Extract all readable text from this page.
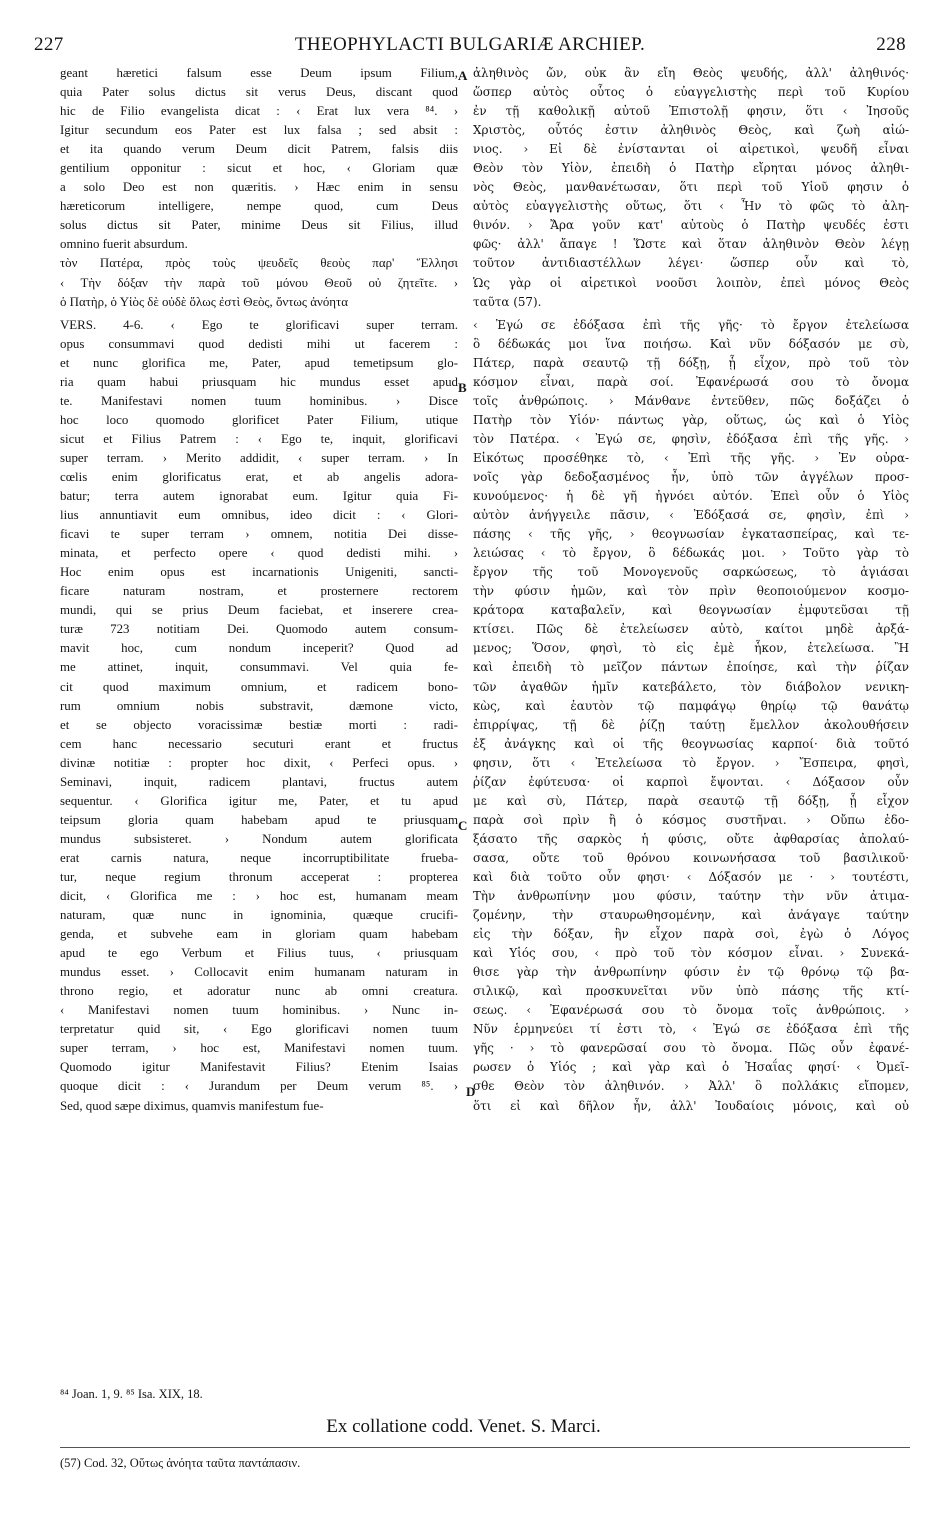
227	THEOPHYLACTI BULGARIÆ ARCHIEP.	228
A
B
C
D

geant hæretici falsum esse Deum ipsum Filium,

quia Pater solus dictus sit verus Deus, discant quod

hic de Filio evangelista dicat : ‹ Erat lux vera ⁸⁴. ›

Igitur secundum eos Pater est lux falsa ; sed absit :

et ita quando verum Deum dicit Patrem, falsis diis

gentilium opponitur : sicut et hoc, ‹ Gloriam quæ

a solo Deo est non quæritis. › Hæc enim in sensu

hæreticorum intelligere, nempe quod, cum Deus

solus dictus sit Pater, minime Deus sit Filius, illud

omnino fuerit absurdum.

τὸν Πατέρα, πρὸς τοὺς ψευδεῖς θεοὺς παρ' Ἕλλησι

‹ Τὴν δόξαν τὴν παρὰ τοῦ μόνου Θεοῦ οὐ ζητεῖτε. ›

ὁ Πατὴρ, ὁ Υἱὸς δὲ οὐδὲ ὅλως ἐστὶ Θεὸς, ὄντως ἀνόητα

VERS. 4-6. ‹ Ego te glorificavi super terram.

opus consummavi quod dedisti mihi ut facerem :

et nunc glorifica me, Pater, apud temetipsum glo-

ria quam habui priusquam hic mundus esset apud

te. Manifestavi nomen tuum hominibus. › Disce

hoc loco quomodo glorificet Pater Filium, utique

sicut et Filius Patrem : ‹ Ego te, inquit, glorificavi

super terram. › Merito addidit, ‹ super terram. › In

cœlis enim glorificatus erat, et ab angelis adora-

batur; terra autem ignorabat eum. Igitur quia Fi-

lius annuntiavit eum omnibus, ideo dicit : ‹ Glori-

ficavi te super terram › omnem, notitia Dei disse-

minata, et perfecto opere ‹ quod dedisti mihi. ›

Hoc enim opus est incarnationis Unigeniti, sancti-

ficare naturam nostram, et prosternere rectorem

mundi, qui se prius Deum faciebat, et inserere crea-

turæ 723 notitiam Dei. Quomodo autem consum-

mavit hoc, cum nondum inceperit? Quod ad

me attinet, inquit, consummavi. Vel quia fe-

cit quod maximum omnium, et radicem bono-

rum omnium nobis substravit, dæmone victo,

et se objecto voracissimæ bestiæ morti : radi-

cem hanc necessario secuturi erant et fructus

divinæ notitiæ : propter hoc dixit, ‹ Perfeci opus. ›

Seminavi, inquit, radicem plantavi, fructus autem

sequentur. ‹ Glorifica igitur me, Pater, et tu apud

teipsum gloria quam habebam apud te priusquam

mundus subsisteret. › Nondum autem glorificata

erat carnis natura, neque incorruptibilitate frueba-

tur, neque regium thronum acceperat : propterea

dicit, ‹ Glorifica me : › hoc est, humanam meam

naturam, quæ nunc in ignominia, quæque crucifi-

genda, et subvehe eam in gloriam quam habebam

apud te ego Verbum et Filius tuus, ‹ priusquam

mundus esset. › Collocavit enim humanam naturam in

throno regio, et adoratur nunc ab omni creatura.

‹ Manifestavi nomen tuum hominibus. › Nunc in-

terpretatur quid sit, ‹ Ego glorificavi nomen tuum

super terram, › hoc est, Manifestavi nomen tuum.

Quomodo igitur Manifestavit Filius? Etenim Isaias

quoque dicit : ‹ Jurandum per Deum verum ⁸⁵. ›

Sed, quod sæpe diximus, quamvis manifestum fue-

ἀληθινὸς ὤν, οὐκ ἂν εἴη Θεὸς ψευδής, ἀλλ' ἀληθινός·

ὥσπερ αὐτὸς οὗτος ὁ εὐαγγελιστὴς περὶ τοῦ Κυρίου

ἐν τῇ καθολικῇ αὐτοῦ Ἐπιστολῇ φησιν, ὅτι ‹ Ἰησοῦς

Χριστὸς, οὗτός ἐστιν ἀληθινὸς Θεὸς, καὶ ζωὴ αἰώ-

νιος. › Εἰ δὲ ἐνίστανται οἱ αἱρετικοὶ, ψευδῆ εἶναι

Θεὸν τὸν Υἱὸν, ἐπειδὴ ὁ Πατὴρ εἴρηται μόνος ἀληθι-

νὸς Θεὸς, μανθανέτωσαν, ὅτι περὶ τοῦ Υἱοῦ φησιν ὁ

αὐτὸς εὐαγγελιστὴς οὕτως, ὅτι ‹ Ἦν τὸ φῶς τὸ ἀλη-

θινόν. › Ἄρα γοῦν κατ' αὐτοὺς ὁ Πατὴρ ψευδές ἐστι

φῶς· ἀλλ' ἄπαγε ! Ὥστε καὶ ὅταν ἀληθινὸν Θεὸν λέγῃ

τοῦτον ἀντιδιαστέλλων λέγει· ὥσπερ οὖν καὶ τὸ,

Ὡς γὰρ οἱ αἱρετικοὶ νοοῦσι λοιπὸν, ἐπεὶ μόνος Θεὸς

ταῦτα (57).

‹ Ἐγώ σε ἐδόξασα ἐπὶ τῆς γῆς· τὸ ἔργον ἐτελείωσα

ὃ δέδωκάς μοι ἵνα ποιήσω. Καὶ νῦν δόξασόν με σὺ,

Πάτερ, παρὰ σεαυτῷ τῇ δόξῃ, ᾗ εἶχον, πρὸ τοῦ τὸν

κόσμον εἶναι, παρὰ σοί. Ἐφανέρωσά σου τὸ ὄνομα

τοῖς ἀνθρώποις. › Μάνθανε ἐντεῦθεν, πῶς δοξάζει ὁ

Πατὴρ τὸν Υἱόν· πάντως γὰρ, οὕτως, ὡς καὶ ὁ Υἱὸς

τὸν Πατέρα. ‹ Ἐγώ σε, φησὶν, ἐδόξασα ἐπὶ τῆς γῆς. ›

Εἰκότως προσέθηκε τὸ, ‹ Ἐπὶ τῆς γῆς. › Ἐν οὐρα-

νοῖς γὰρ δεδοξασμένος ἦν, ὑπὸ τῶν ἀγγέλων προσ-

κυνούμενος· ἡ δὲ γῆ ἠγνόει αὐτόν. Ἐπεὶ οὖν ὁ Υἱὸς

αὐτὸν ἀνήγγειλε πᾶσιν, ‹ Ἐδόξασά σε, φησὶν, ἐπὶ ›

πάσης ‹ τῆς γῆς, › θεογνωσίαν ἐγκατασπείρας, καὶ τε-

λειώσας ‹ τὸ ἔργον, ὃ δέδωκάς μοι. › Τοῦτο γὰρ τὸ

ἔργον τῆς τοῦ Μονογενοῦς σαρκώσεως, τὸ ἁγιάσαι

τὴν φύσιν ἡμῶν, καὶ τὸν πρὶν θεοποιούμενον κοσμο-

κράτορα καταβαλεῖν, καὶ θεογνωσίαν ἐμφυτεῦσαι τῇ

κτίσει. Πῶς δὲ ἐτελείωσεν αὐτὸ, καίτοι μηδὲ ἀρξά-

μενος; Ὅσον, φησὶ, τὸ εἰς ἐμὲ ἧκον, ἐτελείωσα. Ἢ

καὶ ἐπειδὴ τὸ μεῖζον πάντων ἐποίησε, καὶ τὴν ῥίζαν

τῶν ἀγαθῶν ἡμῖν κατεβάλετο, τὸν διάβολον νενικη-

κὼς, καὶ ἑαυτὸν τῷ παμφάγῳ θηρίῳ τῷ θανάτῳ

ἐπιρρίψας, τῇ δὲ ῥίζῃ ταύτῃ ἔμελλον ἀκολουθήσειν

ἐξ ἀνάγκης καὶ οἱ τῆς θεογνωσίας καρποί· διὰ τοῦτό

φησιν, ὅτι ‹ Ἐτελείωσα τὸ ἔργον. › Ἔσπειρα, φησὶ,

ῥίζαν ἐφύτευσα· οἱ καρποὶ ἔψονται. ‹ Δόξασον οὖν

με καὶ σὺ, Πάτερ, παρὰ σεαυτῷ τῇ δόξῃ, ᾗ εἶχον

παρὰ σοὶ πρὶν ἢ ὁ κόσμος συστῆναι. › Οὔπω ἐδο-

ξάσατο τῆς σαρκὸς ἡ φύσις, οὔτε ἀφθαρσίας ἀπολαύ-

σασα, οὔτε τοῦ θρόνου κοινωνήσασα τοῦ βασιλικοῦ·

καὶ διὰ τοῦτο οὖν φησι· ‹ Δόξασόν με · › τουτέστι,

Τὴν ἀνθρωπίνην μου φύσιν, ταύτην τὴν νῦν ἀτιμα-

ζομένην, τὴν σταυρωθησομένην, καὶ ἀνάγαγε ταύτην

εἰς τὴν δόξαν, ἣν εἶχον παρὰ σοὶ, ἐγὼ ὁ Λόγος

καὶ Υἱός σου, ‹ πρὸ τοῦ τὸν κόσμον εἶναι. › Συνεκά-

θισε γὰρ τὴν ἀνθρωπίνην φύσιν ἐν τῷ θρόνῳ τῷ βα-

σιλικῷ, καὶ προσκυνεῖται νῦν ὑπὸ πάσης τῆς κτί-

σεως. ‹ Ἐφανέρωσά σου τὸ ὄνομα τοῖς ἀνθρώποις. ›

Νῦν ἑρμηνεύει τί ἐστι τὸ, ‹ Ἐγώ σε ἐδόξασα ἐπὶ τῆς

γῆς · › τὸ φανερῶσαί σου τὸ ὄνομα. Πῶς οὖν ἐφανέ-

ρωσεν ὁ Υἱός ; καὶ γὰρ καὶ ὁ Ἠσαΐας φησί· ‹ Ὀμεῖ-

σθε Θεὸν τὸν ἀληθινόν. › Ἀλλ' ὃ πολλάκις εἴπομεν,

ὅτι εἰ καὶ δῆλον ἦν, ἀλλ' Ἰουδαίοις μόνοις, καὶ οὐ

⁸⁴ Joan. 1, 9. ⁸⁵ Isa. XIX, 18.
Ex collatione codd. Venet. S. Marci.
(57) Cod. 32, Οὕτως ἀνόητα ταῦτα παντάπασιν.
